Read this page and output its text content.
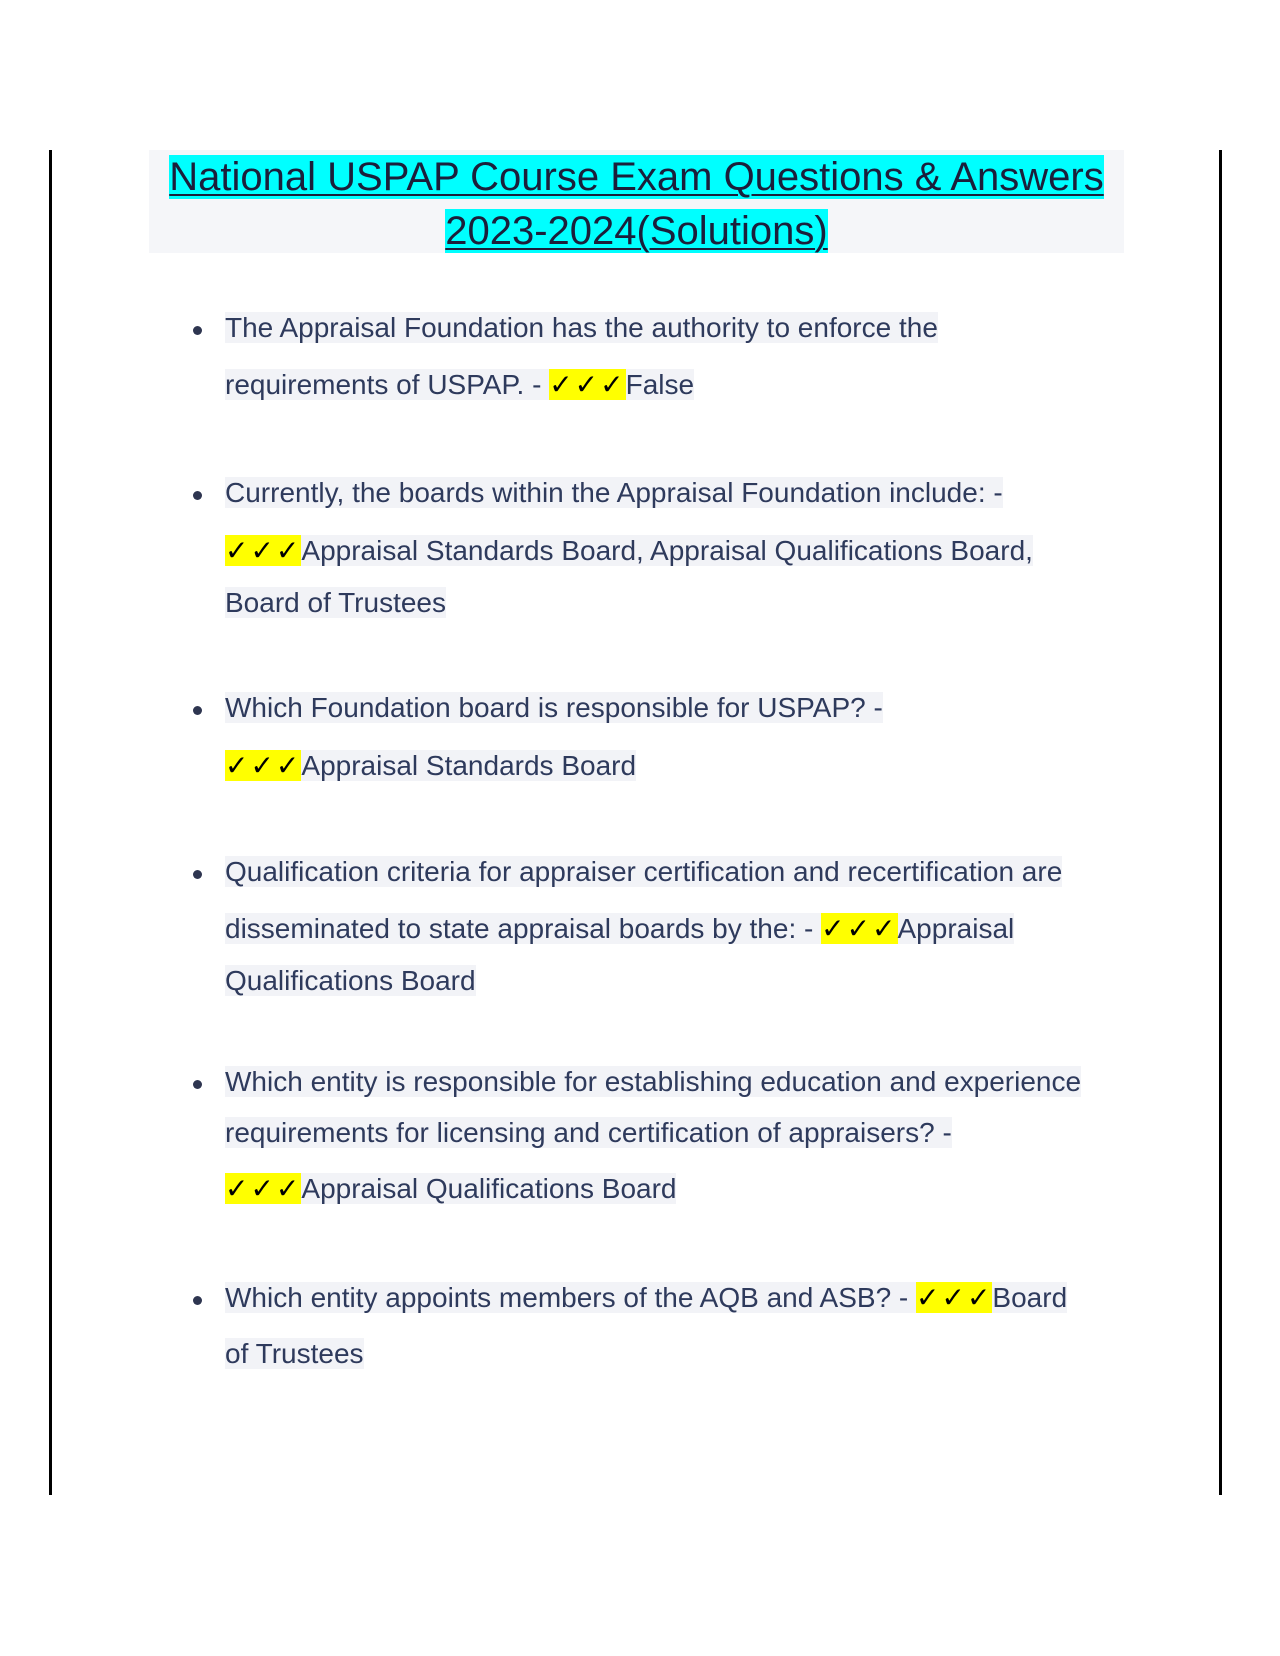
National USPAP Course Exam Questions & Answers
2023-2024(Solutions)
The Appraisal Foundation has the authority to enforce the
requirements of USPAP. - ✓✓✓False
Currently, the boards within the Appraisal Foundation include: -
✓✓✓Appraisal Standards Board, Appraisal Qualifications Board,
Board of Trustees
Which Foundation board is responsible for USPAP? -
✓✓✓Appraisal Standards Board
Qualification criteria for appraiser certification and recertification are
disseminated to state appraisal boards by the: - ✓✓✓Appraisal
Qualifications Board
Which entity is responsible for establishing education and experience
requirements for licensing and certification of appraisers? -
✓✓✓Appraisal Qualifications Board
Which entity appoints members of the AQB and ASB? - ✓✓✓Board
of Trustees
